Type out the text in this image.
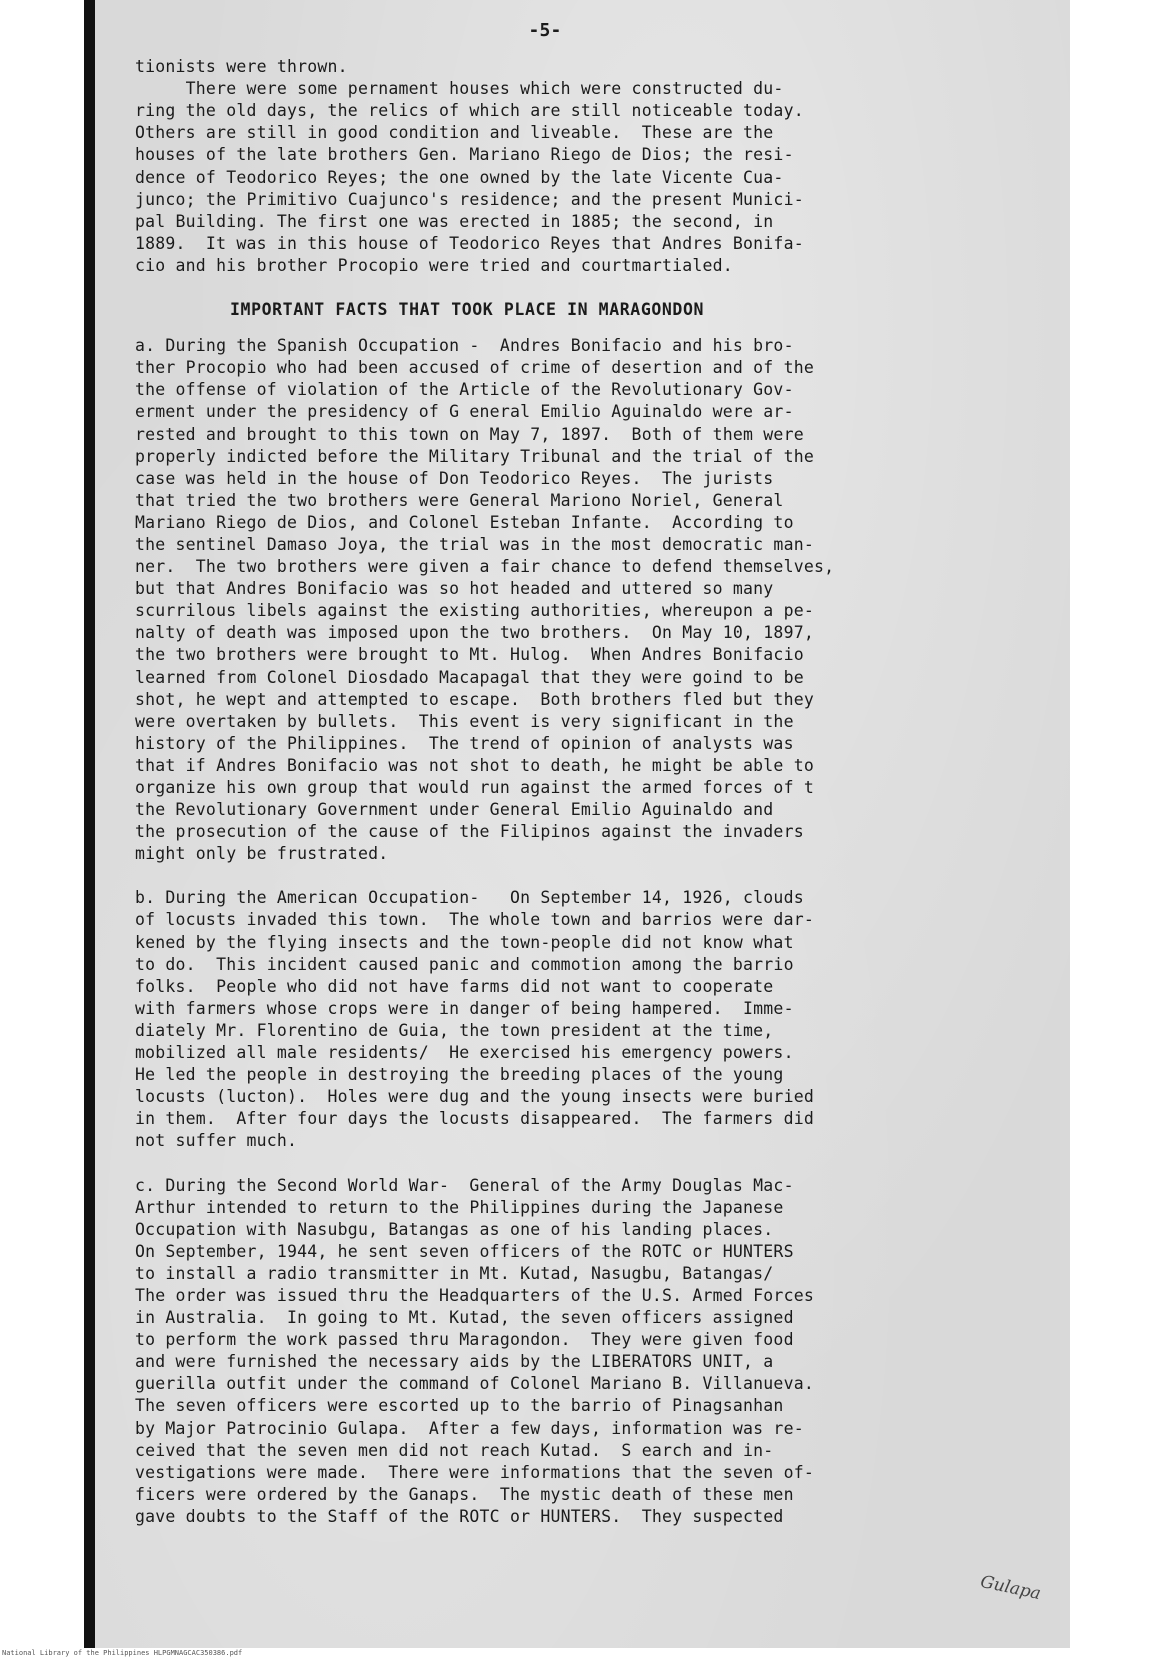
-5-
tionists were thrown.
There were some pernament houses which were constructed du-
ring the old days, the relics of which are still noticeable today.
Others are still in good condition and liveable.  These are the
houses of the late brothers Gen. Mariano Riego de Dios; the resi-
dence of Teodorico Reyes; the one owned by the late Vicente Cua-
junco; the Primitivo Cuajunco's residence; and the present Munici-
pal Building. The first one was erected in 1885; the second, in
1889.  It was in this house of Teodorico Reyes that Andres Bonifa-
cio and his brother Procopio were tried and courtmartialed.
IMPORTANT FACTS THAT TOOK PLACE IN MARAGONDON
a. During the Spanish Occupation -  Andres Bonifacio and his bro-
ther Procopio who had been accused of crime of desertion and of the
the offense of violation of the Article of the Revolutionary Gov-
erment under the presidency of G eneral Emilio Aguinaldo were ar-
rested and brought to this town on May 7, 1897.  Both of them were
properly indicted before the Military Tribunal and the trial of the
case was held in the house of Don Teodorico Reyes.  The jurists
that tried the two brothers were General Mariono Noriel, General
Mariano Riego de Dios, and Colonel Esteban Infante.  According to
the sentinel Damaso Joya, the trial was in the most democratic man-
ner.  The two brothers were given a fair chance to defend themselves,
but that Andres Bonifacio was so hot headed and uttered so many
scurrilous libels against the existing authorities, whereupon a pe-
nalty of death was imposed upon the two brothers.  On May 10, 1897,
the two brothers were brought to Mt. Hulog.  When Andres Bonifacio
learned from Colonel Diosdado Macapagal that they were goind to be
shot, he wept and attempted to escape.  Both brothers fled but they
were overtaken by bullets.  This event is very significant in the
history of the Philippines.  The trend of opinion of analysts was
that if Andres Bonifacio was not shot to death, he might be able to
organize his own group that would run against the armed forces of t
the Revolutionary Government under General Emilio Aguinaldo and
the prosecution of the cause of the Filipinos against the invaders
might only be frustrated.
b. During the American Occupation-   On September 14, 1926, clouds
of locusts invaded this town.  The whole town and barrios were dar-
kened by the flying insects and the town-people did not know what
to do.  This incident caused panic and commotion among the barrio
folks.  People who did not have farms did not want to cooperate
with farmers whose crops were in danger of being hampered.  Imme-
diately Mr. Florentino de Guia, the town president at the time,
mobilized all male residents/  He exercised his emergency powers.
He led the people in destroying the breeding places of the young
locusts (lucton).  Holes were dug and the young insects were buried
in them.  After four days the locusts disappeared.  The farmers did
not suffer much.
c. During the Second World War-  General of the Army Douglas Mac-
Arthur intended to return to the Philippines during the Japanese
Occupation with Nasubgu, Batangas as one of his landing places.
On September, 1944, he sent seven officers of the ROTC or HUNTERS
to install a radio transmitter in Mt. Kutad, Nasugbu, Batangas/
The order was issued thru the Headquarters of the U.S. Armed Forces
in Australia.  In going to Mt. Kutad, the seven officers assigned
to perform the work passed thru Maragondon.  They were given food
and were furnished the necessary aids by the LIBERATORS UNIT, a
guerilla outfit under the command of Colonel Mariano B. Villanueva.
The seven officers were escorted up to the barrio of Pinagsanhan
by Major Patrocinio Gulapa.  After a few days, information was re-
ceived that the seven men did not reach Kutad.  S earch and in-
vestigations were made.  There were informations that the seven of-
ficers were ordered by the Ganaps.  The mystic death of these men
gave doubts to the Staff of the ROTC or HUNTERS.  They suspected
Gulapa
National Library of the Philippines HLPGMNAGCAC350386.pdf
